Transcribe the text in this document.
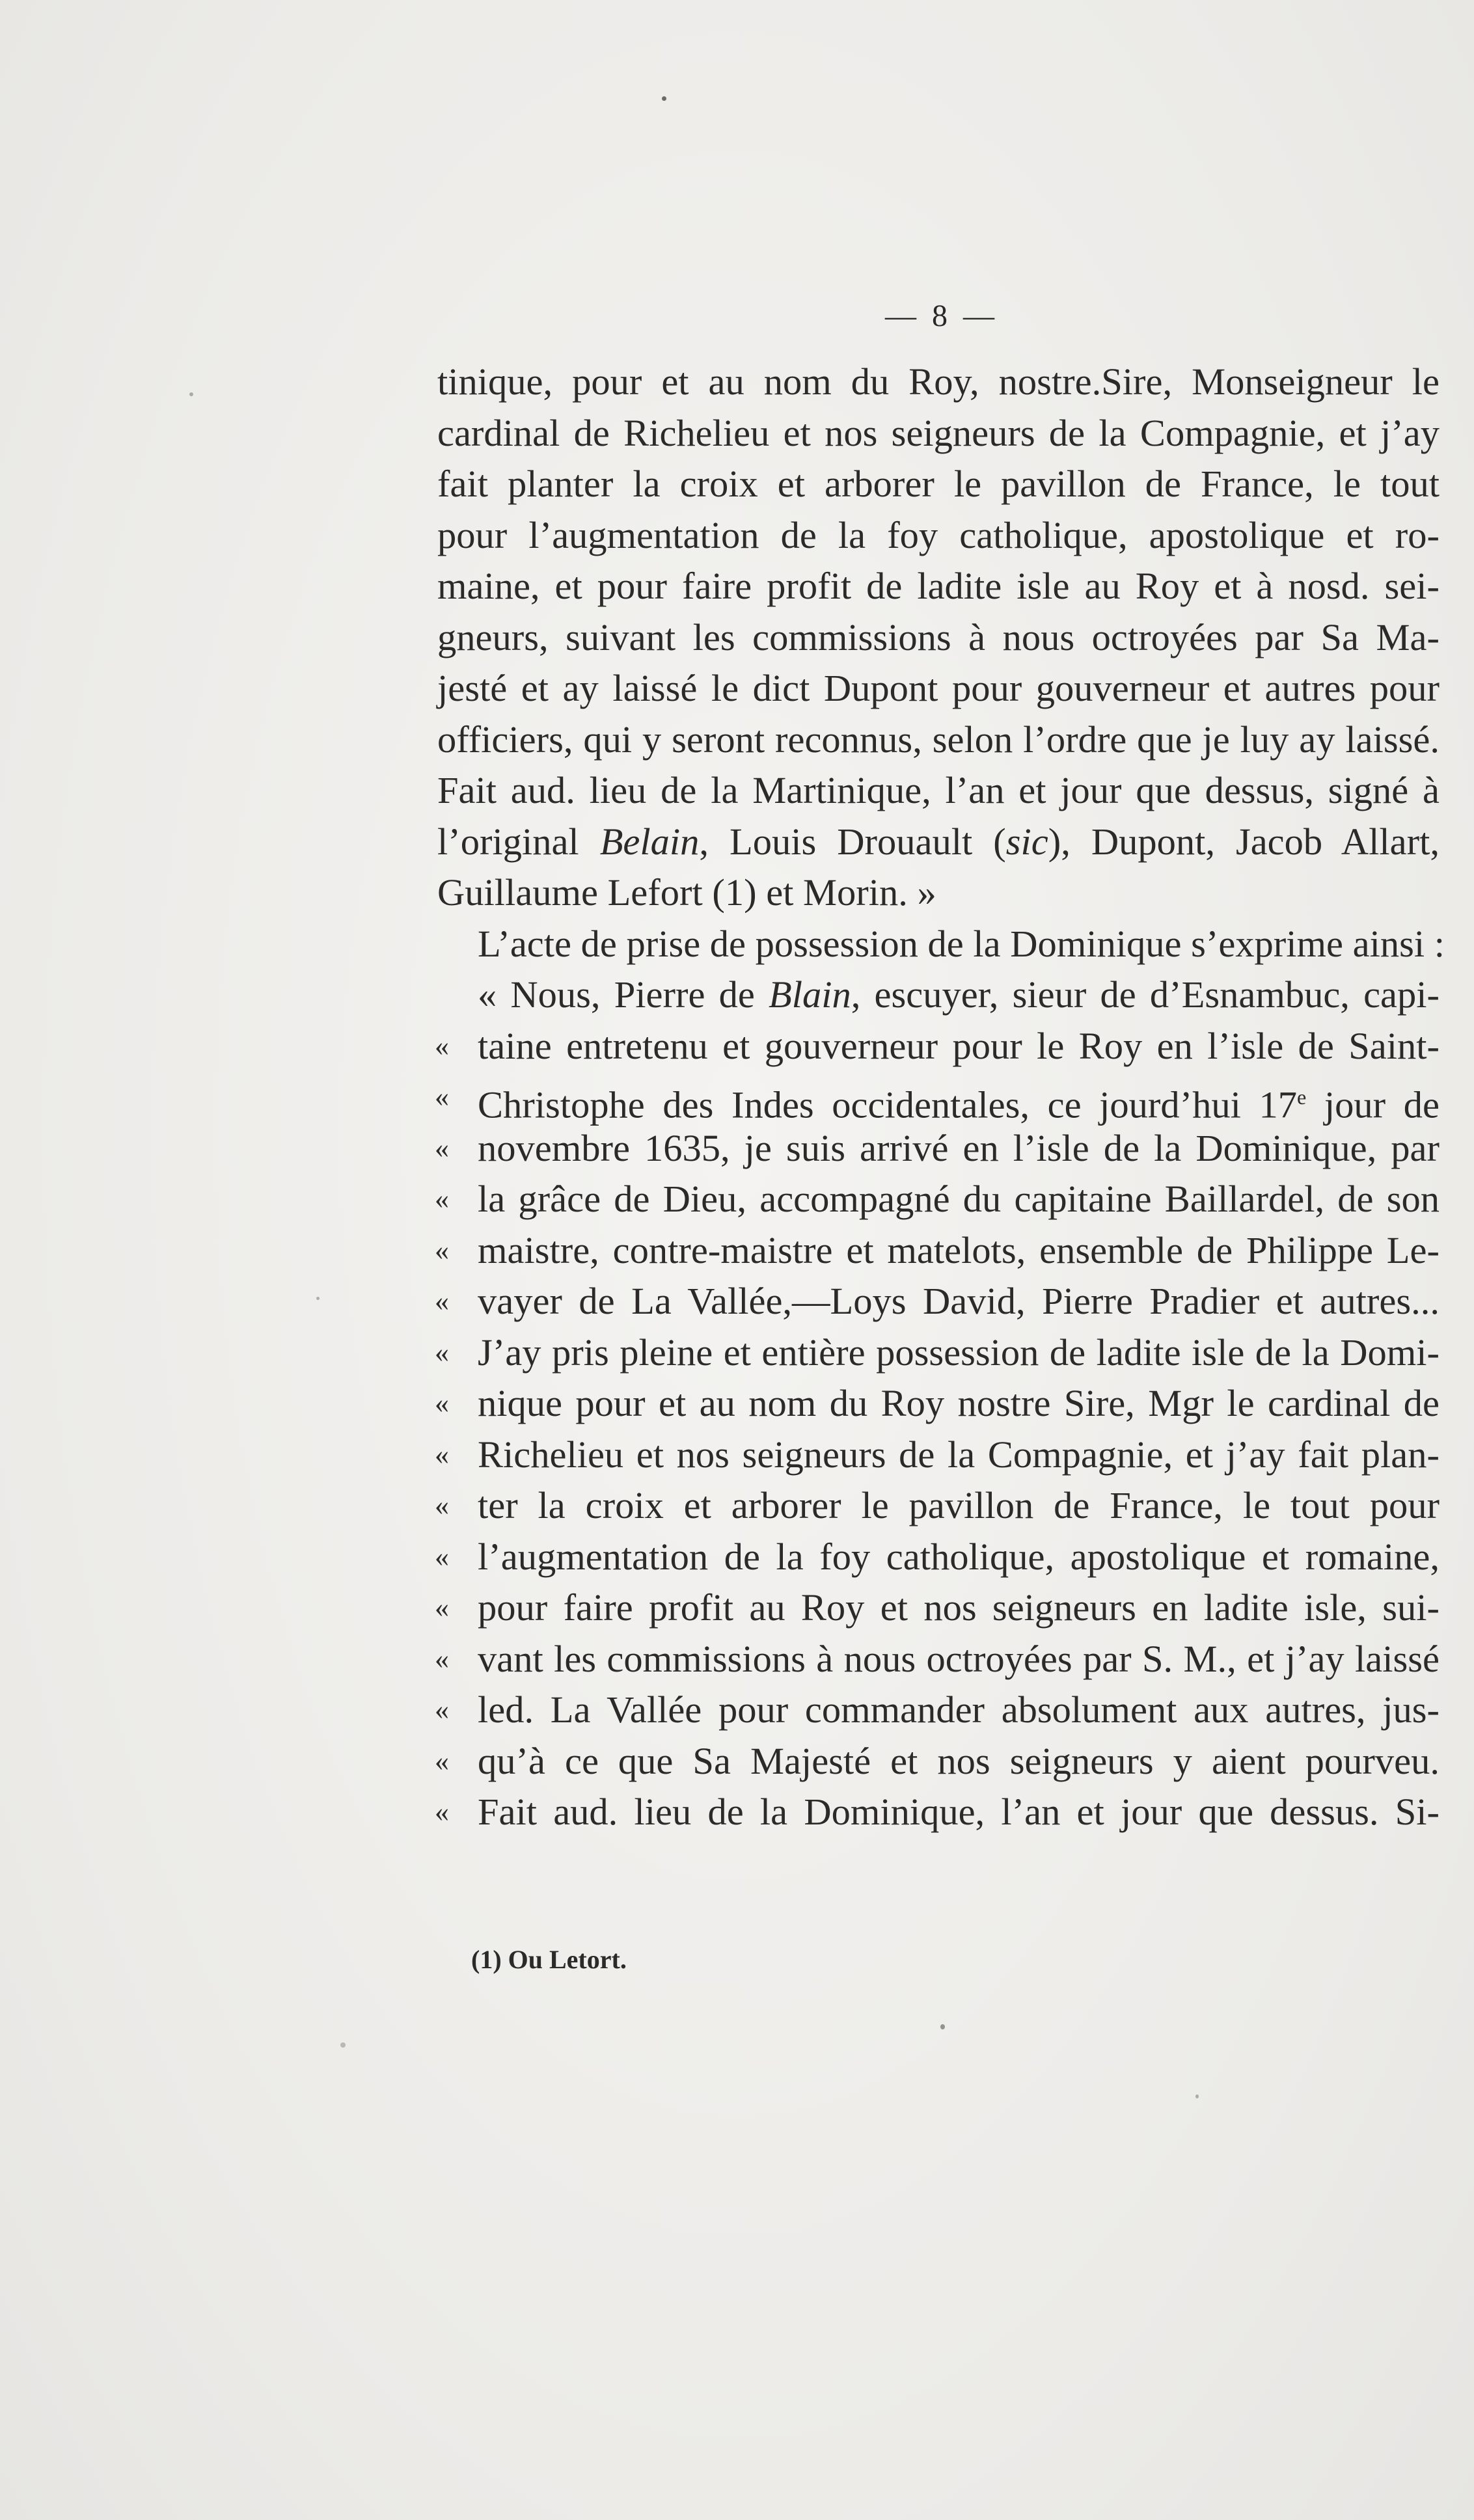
— 8 —
tinique, pour et au nom du Roy, nostre.Sire, Monseigneur le
cardinal de Richelieu et nos seigneurs de la Compagnie, et j’ay
fait planter la croix et arborer le pavillon de France, le tout
pour l’augmentation de la foy catholique, apostolique et ro-
maine, et pour faire profit de ladite isle au Roy et à nosd. sei-
gneurs, suivant les commissions à nous octroyées par Sa Ma-
jesté et ay laissé le dict Dupont pour gouverneur et autres pour
officiers, qui y seront reconnus, selon l’ordre que je luy ay laissé.
Fait aud. lieu de la Martinique, l’an et jour que dessus, signé à
l’original Belain, Louis Drouault (sic), Dupont, Jacob Allart,
Guillaume Lefort (1) et Morin. »
L’acte de prise de possession de la Dominique s’exprime ainsi :
« Nous, Pierre de Blain, escuyer, sieur de d’Esnambuc, capi-
« taine entretenu et gouverneur pour le Roy en l’isle de Saint-
« Christophe des Indes occidentales, ce jourd’hui 17e jour de
« novembre 1635, je suis arrivé en l’isle de la Dominique, par
« la grâce de Dieu, accompagné du capitaine Baillardel, de son
« maistre, contre-maistre et matelots, ensemble de Philippe Le-
« vayer de La Vallée,—Loys David, Pierre Pradier et autres...
« J’ay pris pleine et entière possession de ladite isle de la Domi-
« nique pour et au nom du Roy nostre Sire, Mgr le cardinal de
« Richelieu et nos seigneurs de la Compagnie, et j’ay fait plan-
« ter la croix et arborer le pavillon de France, le tout pour
« l’augmentation de la foy catholique, apostolique et romaine,
« pour faire profit au Roy et nos seigneurs en ladite isle, sui-
« vant les commissions à nous octroyées par S. M., et j’ay laissé
« led. La Vallée pour commander absolument aux autres, jus-
« qu’à ce que Sa Majesté et nos seigneurs y aient pourveu.
« Fait aud. lieu de la Dominique, l’an et jour que dessus. Si-
(1) Ou Letort.
